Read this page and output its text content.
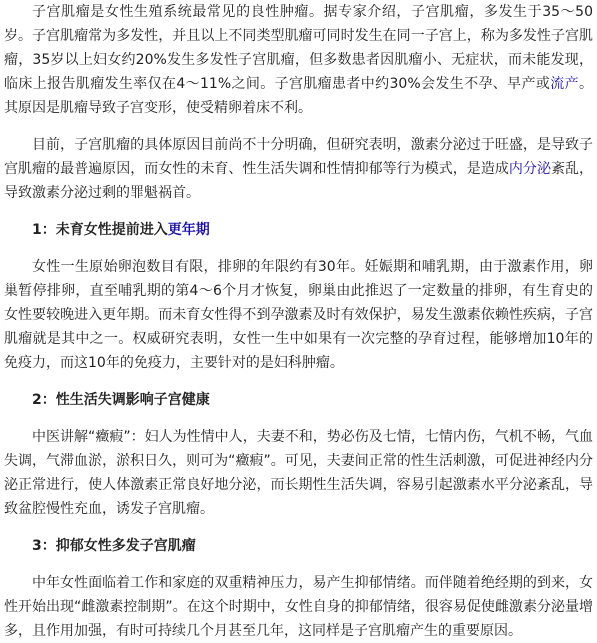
子宫肌瘤是女性生殖系统最常见的良性肿瘤。据专家介绍，子宫肌瘤，多发生于35～50岁。子宫肌瘤常为多发性，并且以上不同类型肌瘤可同时发生在同一子宫上，称为多发性子宫肌瘤，35岁以上妇女约20%发生多发性子宫肌瘤，但多数患者因肌瘤小、无症状，而未能发现，临床上报告肌瘤发生率仅在4～11%之间。子宫肌瘤患者中约30%会发生不孕、早产或流产。其原因是肌瘤导致子宫变形，使受精卵着床不利。

目前，子宫肌瘤的具体原因目前尚不十分明确，但研究表明，激素分泌过于旺盛，是导致子宫肌瘤的最普遍原因，而女性的未育、性生活失调和性情抑郁等行为模式，是造成内分泌紊乱，导致激素分泌过剩的罪魁祸首。

1：未育女性提前进入更年期

女性一生原始卵泡数目有限，排卵的年限约有30年。妊娠期和哺乳期，由于激素作用，卵巢暂停排卵，直至哺乳期的第4～6个月才恢复，卵巢由此推迟了一定数量的排卵，有生育史的女性要较晚进入更年期。而未育女性得不到孕激素及时有效保护，易发生激素依赖性疾病，子宫肌瘤就是其中之一。权威研究表明，女性一生中如果有一次完整的孕育过程，能够增加10年的免疫力，而这10年的免疫力，主要针对的是妇科肿瘤。

2：性生活失调影响子宫健康

中医讲解“癥瘕”：妇人为性情中人，夫妻不和，势必伤及七情，七情内伤，气机不畅，气血失调，气滞血淤，淤积日久，则可为“癥瘕”。可见，夫妻间正常的性生活刺激，可促进神经内分泌正常进行，使人体激素正常良好地分泌，而长期性生活失调，容易引起激素水平分泌紊乱，导致盆腔慢性充血，诱发子宫肌瘤。

3：抑郁女性多发子宫肌瘤

中年女性面临着工作和家庭的双重精神压力，易产生抑郁情绪。而伴随着绝经期的到来，女性开始出现“雌激素控制期”。在这个时期中，女性自身的抑郁情绪，很容易促使雌激素分泌量增多，且作用加强，有时可持续几个月甚至几年，这同样是子宫肌瘤产生的重要原因。
